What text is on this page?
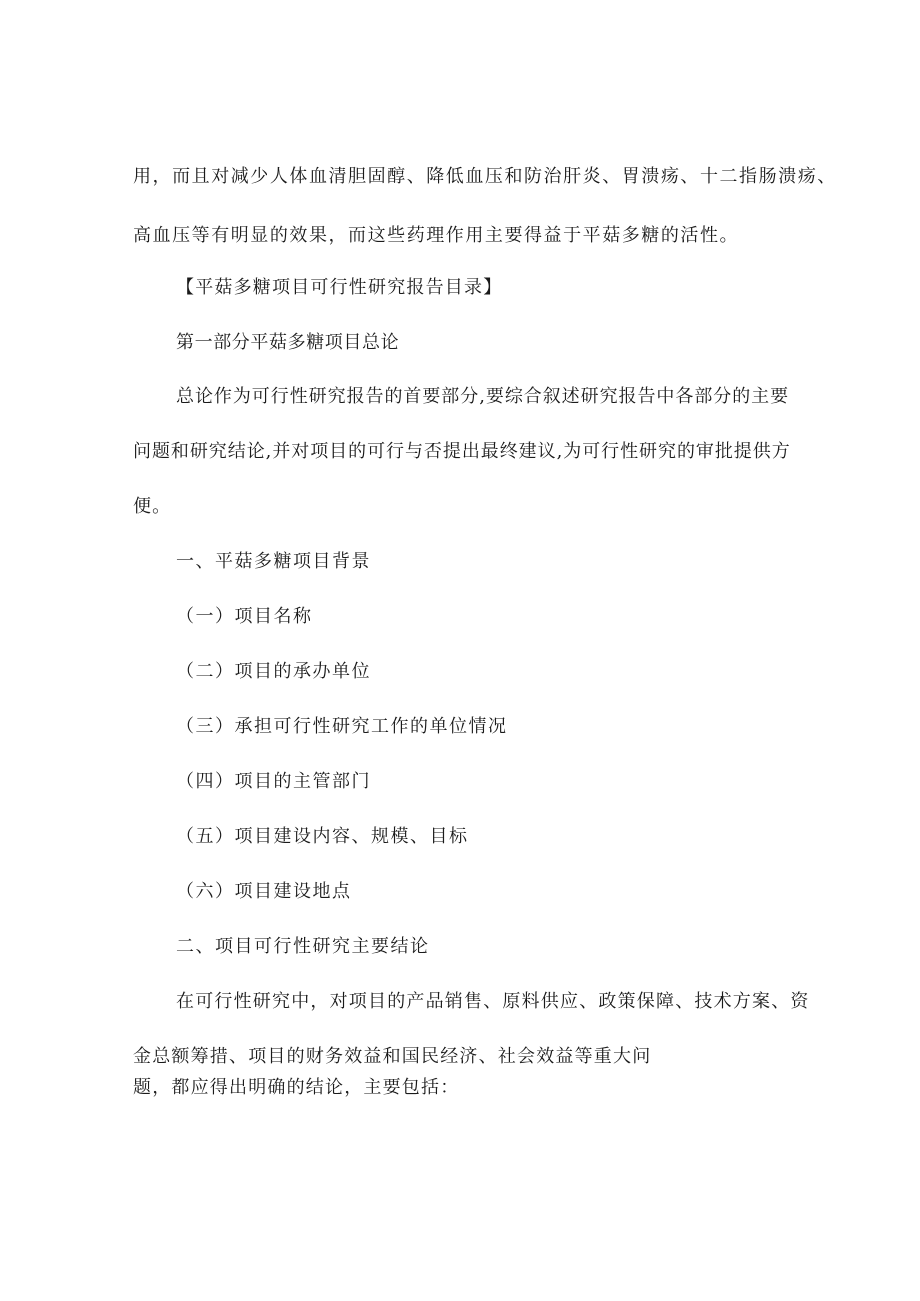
用，而且对减少人体血清胆固醇、降低血压和防治肝炎、胃溃疡、十二指肠溃疡、
高血压等有明显的效果，而这些药理作用主要得益于平菇多糖的活性。
【平菇多糖项目可行性研究报告目录】
第一部分平菇多糖项目总论
总论作为可行性研究报告的首要部分,要综合叙述研究报告中各部分的主要
问题和研究结论,并对项目的可行与否提出最终建议,为可行性研究的审批提供方
便。
一、平菇多糖项目背景
（一）项目名称
（二）项目的承办单位
（三）承担可行性研究工作的单位情况
（四）项目的主管部门
（五）项目建设内容、规模、目标
（六）项目建设地点
二、项目可行性研究主要结论
在可行性研究中，对项目的产品销售、原料供应、政策保障、技术方案、资
金总额筹措、项目的财务效益和国民经济、社会效益等重大问
题，都应得出明确的结论，主要包括：
